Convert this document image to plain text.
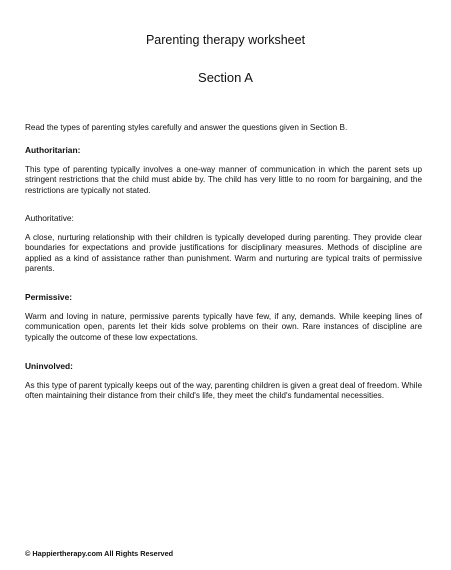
Parenting therapy worksheet
Section A

Read the types of parenting styles carefully and answer the questions given in Section B.

Authoritarian:

This type of parenting typically involves a one-way manner of communication in which the parent sets up stringent restrictions that the child must abide by. The child has very little to no room for bargaining, and the restrictions are typically not stated.

Authoritative:

A close, nurturing relationship with their children is typically developed during parenting. They provide clear boundaries for expectations and provide justifications for disciplinary measures. Methods of discipline are applied as a kind of assistance rather than punishment. Warm and nurturing are typical traits of permissive parents.

Permissive:

Warm and loving in nature, permissive parents typically have few, if any, demands. While keeping lines of communication open, parents let their kids solve problems on their own. Rare instances of discipline are typically the outcome of these low expectations.

Uninvolved:

As this type of parent typically keeps out of the way, parenting children is given a great deal of freedom. While often maintaining their distance from their child's life, they meet the child's fundamental necessities.

© Happiertherapy.com All Rights Reserved
